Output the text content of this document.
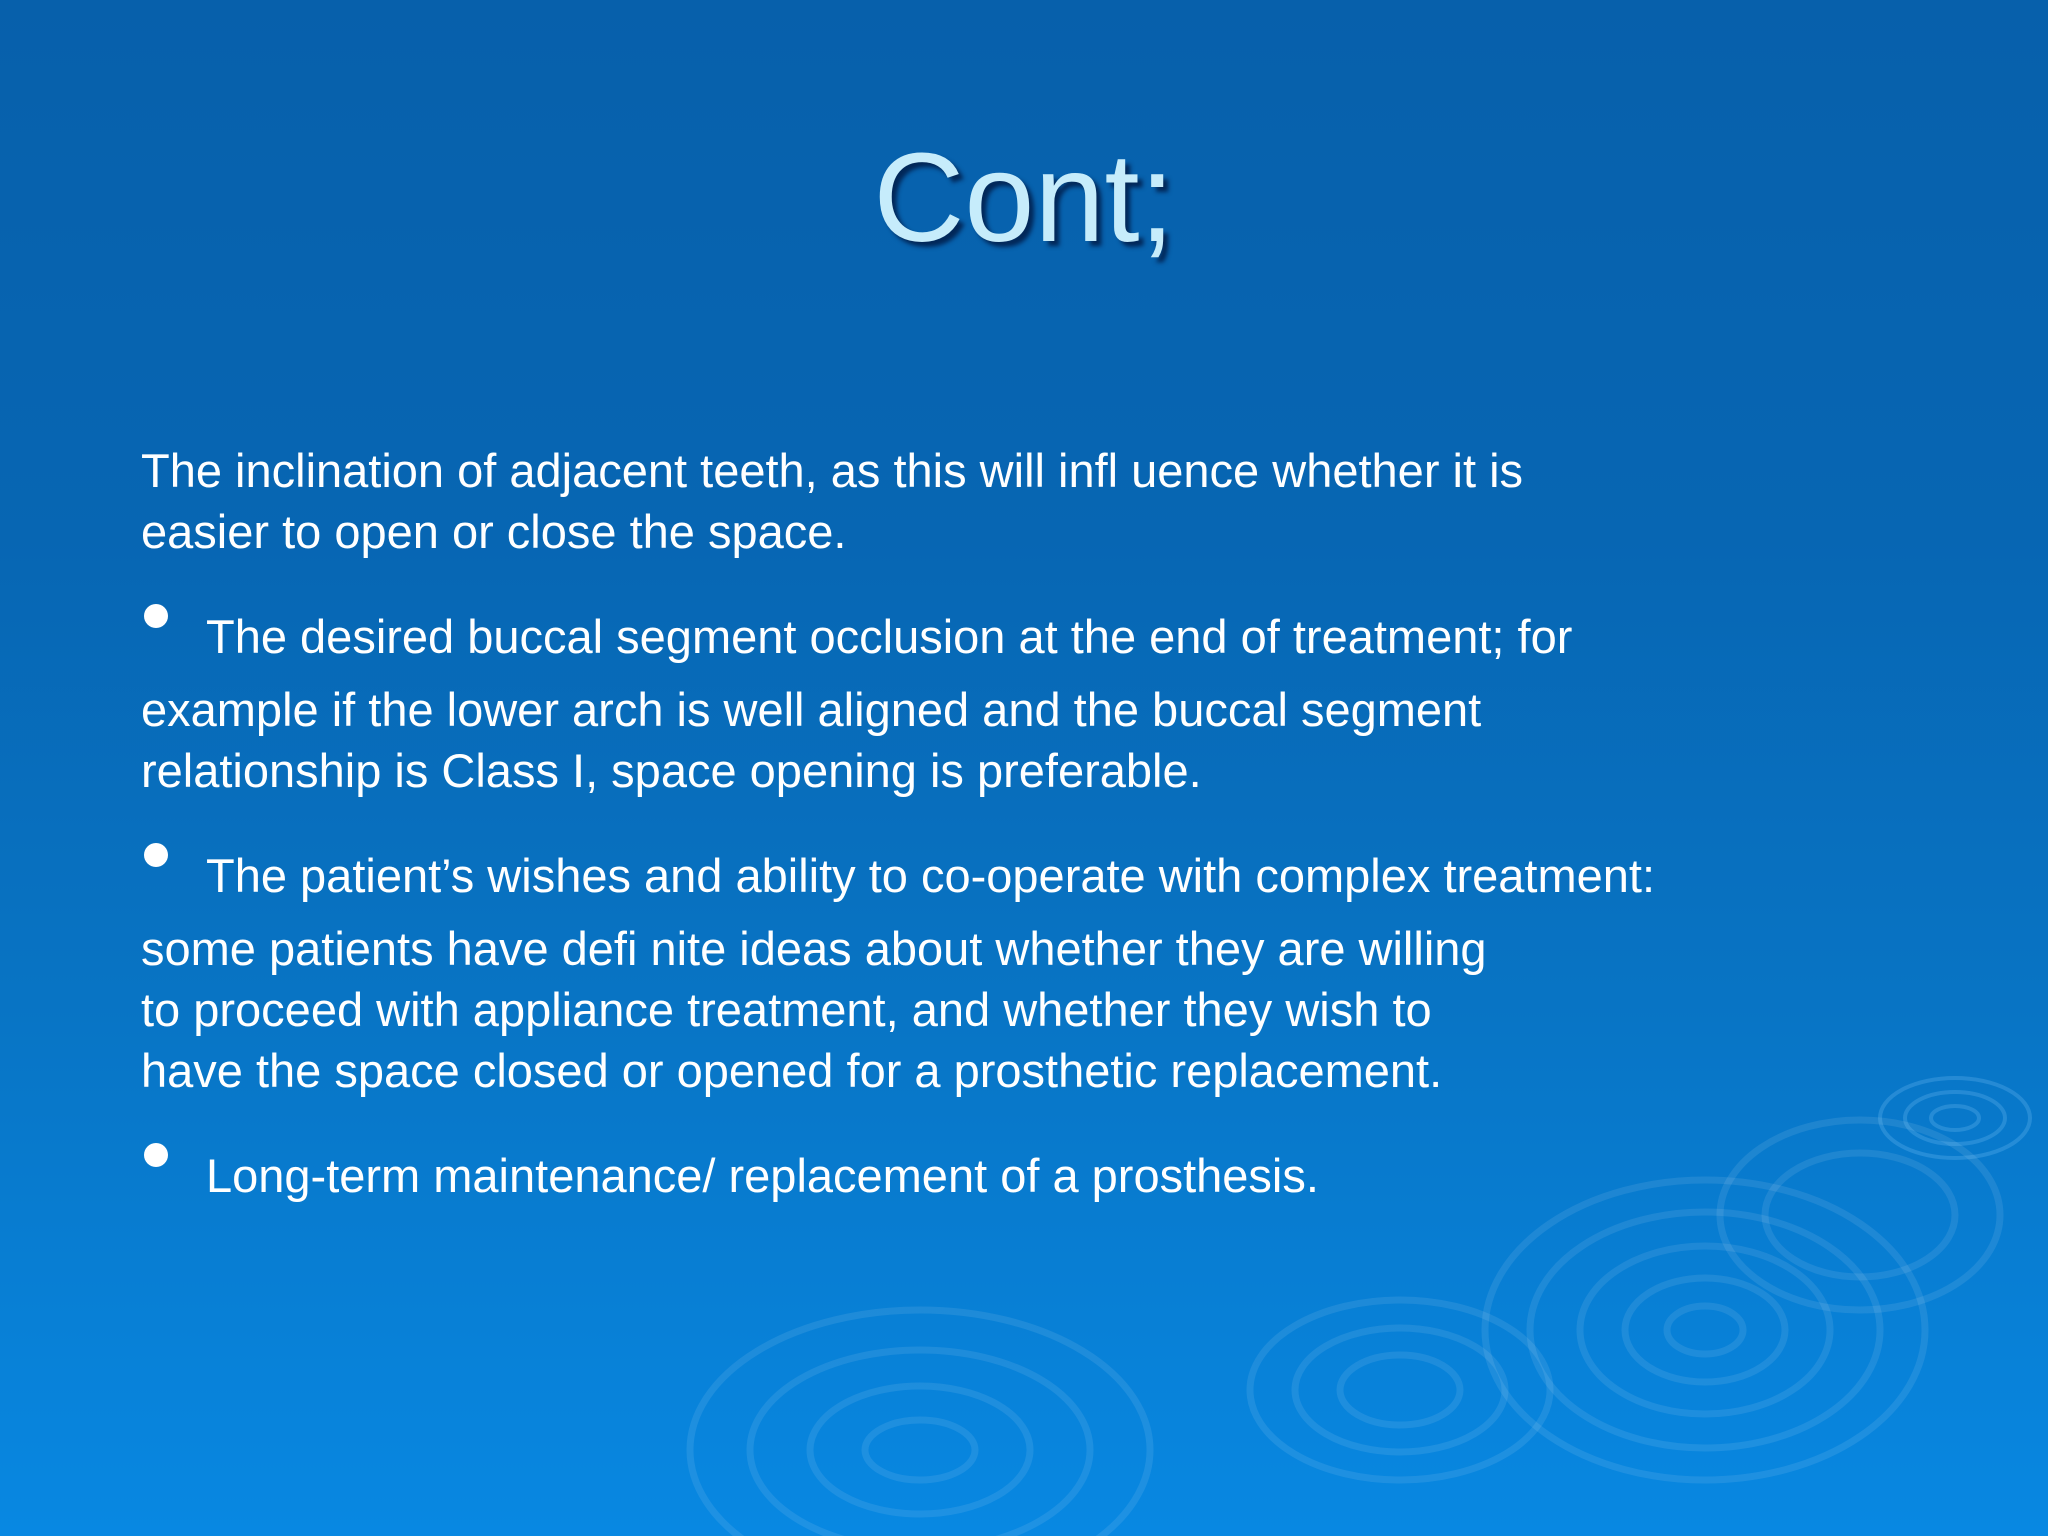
Cont;
The inclination of adjacent teeth, as this will infl uence whether it is
easier to open or close the space.
The desired buccal segment occlusion at the end of treatment; for
example if the lower arch is well aligned and the buccal segment
relationship is Class I, space opening is preferable.
The patient’s wishes and ability to co-operate with complex treatment:
some patients have defi nite ideas about whether they are willing
to proceed with appliance treatment, and whether they wish to
have the space closed or opened for a prosthetic replacement.
Long-term maintenance/ replacement of a prosthesis.
